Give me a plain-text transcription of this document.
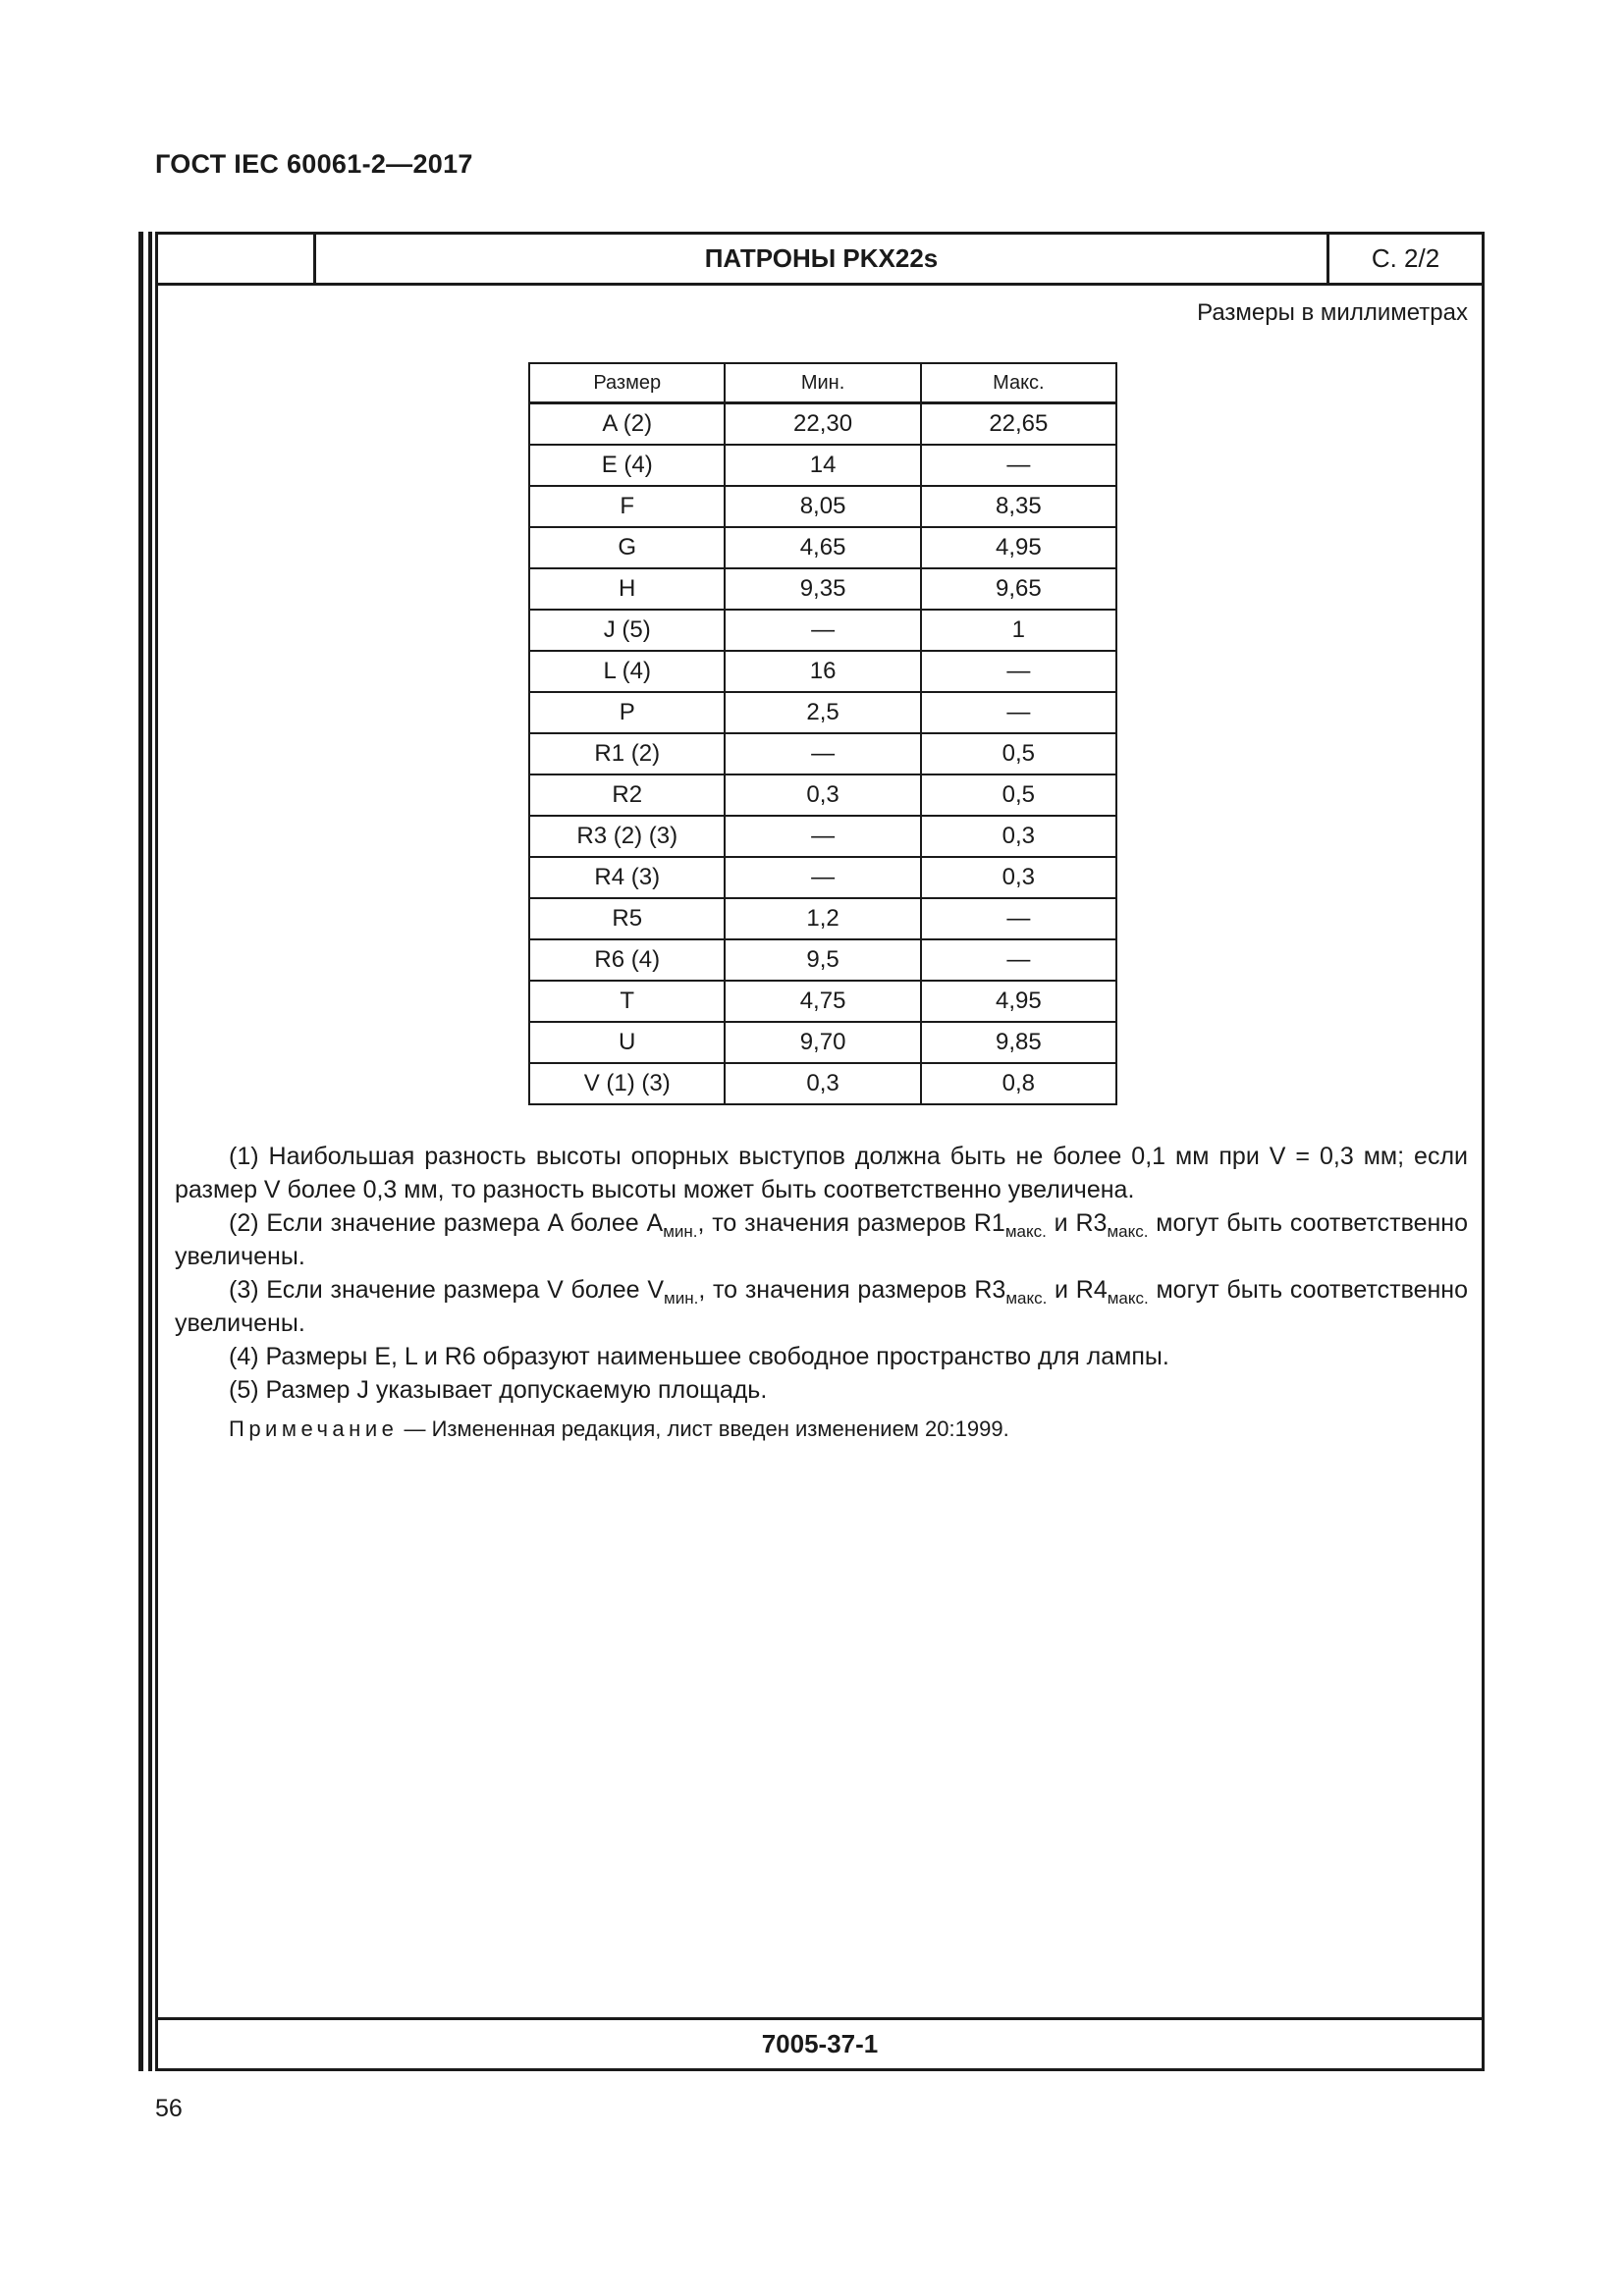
ГОСТ IEC 60061-2—2017
ПАТРОНЫ PKX22s	С. 2/2
Размеры в миллиметрах
Размер	Мин.	Макс.
A (2)	22,30	22,65
E (4)	14	—
F	8,05	8,35
G	4,65	4,95
H	9,35	9,65
J (5)	—	1
L (4)	16	—
P	2,5	—
R1 (2)	—	0,5
R2	0,3	0,5
R3 (2) (3)	—	0,3
R4 (3)	—	0,3
R5	1,2	—
R6 (4)	9,5	—
T	4,75	4,95
U	9,70	9,85
V (1) (3)	0,3	0,8

(1) Наибольшая разность высоты опорных выступов должна быть не более 0,1 мм при V = 0,3 мм; если размер V более 0,3 мм, то разность высоты может быть соответственно увеличена.

(2) Если значение размера A более $A_{мин.}$, то значения размеров $R1_{макс.}$ и $R3_{макс.}$ могут быть соответственно увеличены.

(3) Если значение размера V более $V_{мин.}$, то значения размеров $R3_{макс.}$ и $R4_{макс.}$ могут быть соответственно увеличены.

(4) Размеры E, L и R6 образуют наименьшее свободное пространство для лампы.

(5) Размер J указывает допускаемую площадь.

Примечание — Измененная редакция, лист введен изменением 20:1999.
7005-37-1
56
